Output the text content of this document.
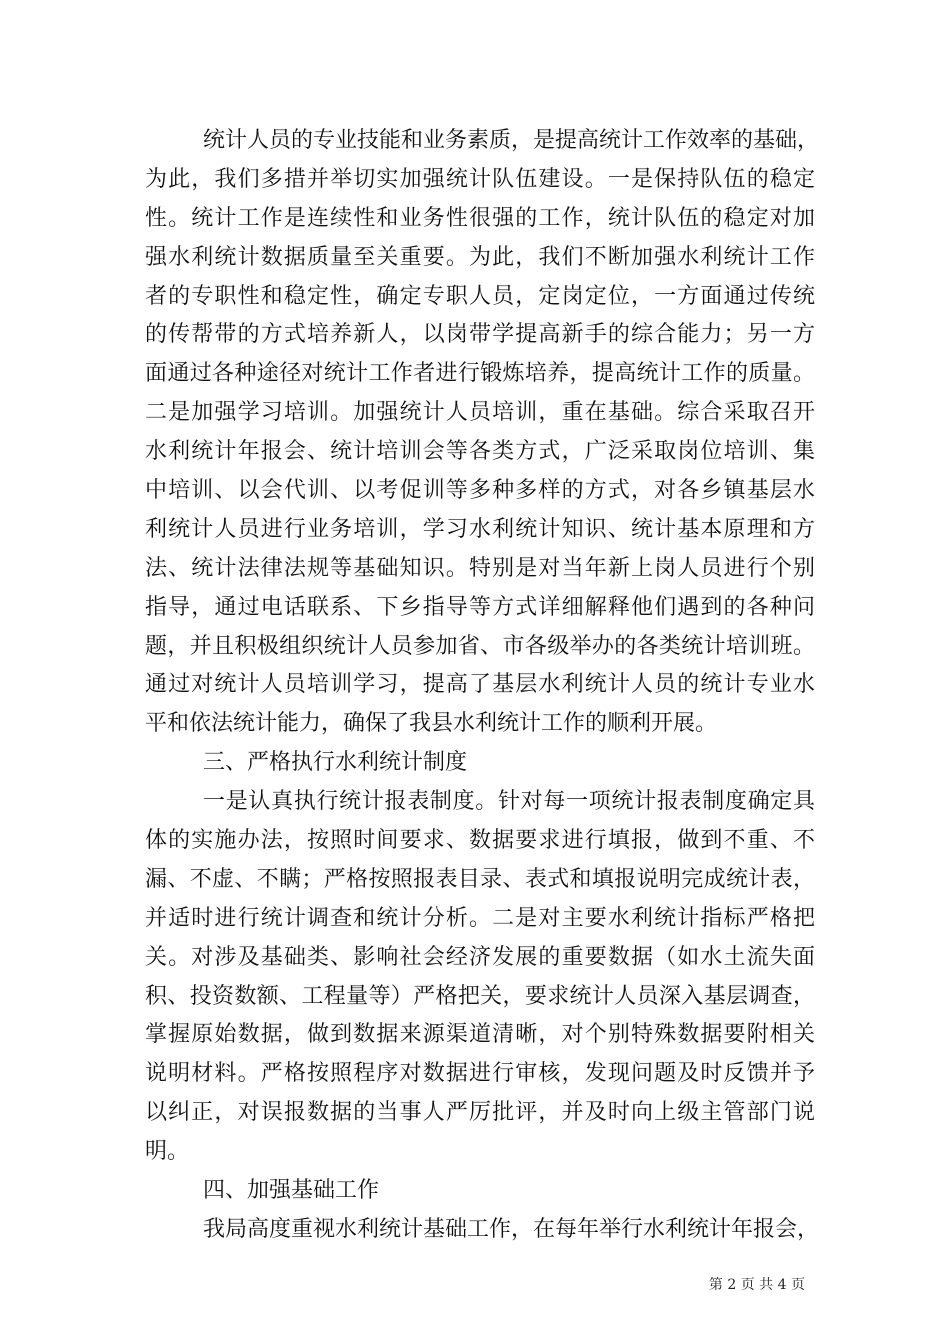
统计人员的专业技能和业务素质，是提高统计工作效率的基础，
为此，我们多措并举切实加强统计队伍建设。一是保持队伍的稳定
性。统计工作是连续性和业务性很强的工作，统计队伍的稳定对加
强水利统计数据质量至关重要。为此，我们不断加强水利统计工作
者的专职性和稳定性，确定专职人员，定岗定位，一方面通过传统
的传帮带的方式培养新人，以岗带学提高新手的综合能力；另一方
面通过各种途径对统计工作者进行锻炼培养，提高统计工作的质量。
二是加强学习培训。加强统计人员培训，重在基础。综合采取召开
水利统计年报会、统计培训会等各类方式，广泛采取岗位培训、集
中培训、以会代训、以考促训等多种多样的方式，对各乡镇基层水
利统计人员进行业务培训，学习水利统计知识、统计基本原理和方
法、统计法律法规等基础知识。特别是对当年新上岗人员进行个别
指导，通过电话联系、下乡指导等方式详细解释他们遇到的各种问
题，并且积极组织统计人员参加省、市各级举办的各类统计培训班。
通过对统计人员培训学习，提高了基层水利统计人员的统计专业水
平和依法统计能力，确保了我县水利统计工作的顺利开展。
三、严格执行水利统计制度
一是认真执行统计报表制度。针对每一项统计报表制度确定具
体的实施办法，按照时间要求、数据要求进行填报，做到不重、不
漏、不虚、不瞒；严格按照报表目录、表式和填报说明完成统计表，
并适时进行统计调查和统计分析。二是对主要水利统计指标严格把
关。对涉及基础类、影响社会经济发展的重要数据（如水土流失面
积、投资数额、工程量等）严格把关，要求统计人员深入基层调查，
掌握原始数据，做到数据来源渠道清晰，对个别特殊数据要附相关
说明材料。严格按照程序对数据进行审核，发现问题及时反馈并予
以纠正，对误报数据的当事人严厉批评，并及时向上级主管部门说
明。
四、加强基础工作
我局高度重视水利统计基础工作，在每年举行水利统计年报会，
第 2 页 共 4 页
